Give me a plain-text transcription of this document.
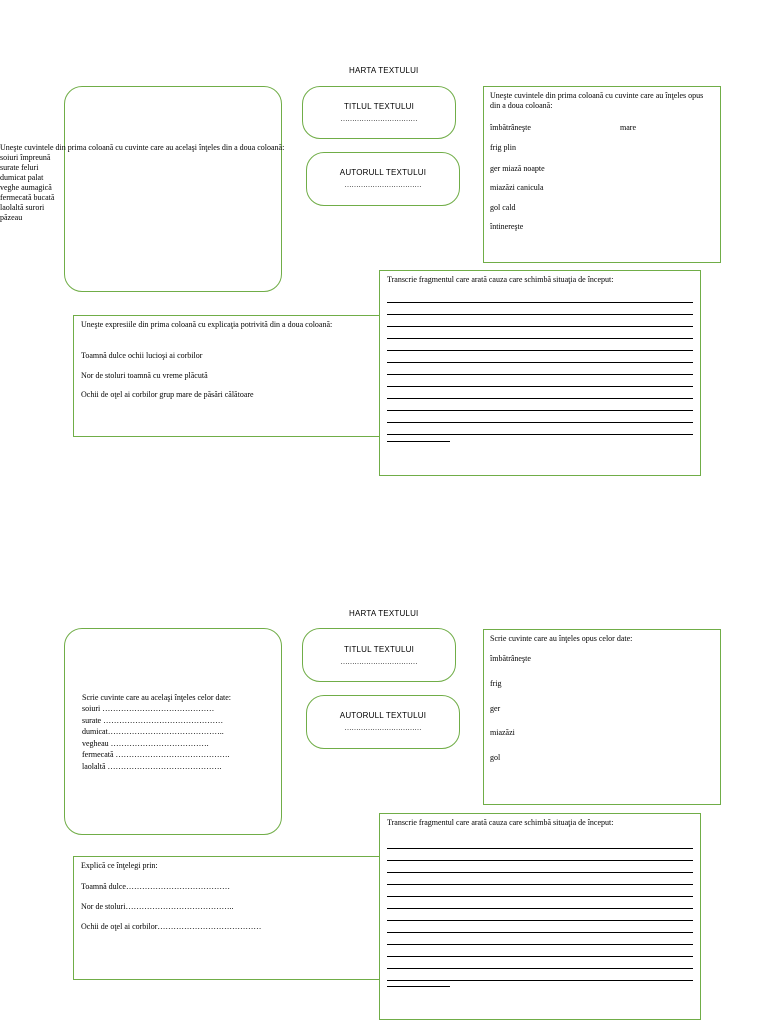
HARTA TEXTULUI
TITLUL TEXTULUI
……………………………
AUTORULL TEXTULUI
……………………………
Uneşte cuvintele din prima coloană cu cuvinte care au acelaşi înţeles din a doua coloană:
soiuri împreună
surate feluri
dumicat palat
veghe aumagică
fermecată bucată
laolaltă surori
păzeau
Uneşte cuvintele din prima coloană cu cuvinte care au înţeles opus din a doua coloană:
îmbătrâneşte	mare
frig plin
ger miază noapte
miazăzi canicula
gol cald
întinereşte
Uneşte expresiile din prima coloană cu explicaţia potrivită din a doua coloană:
Toamnă dulce ochii lucioşi ai corbilor
Nor de stoluri toamnă cu vreme plăcută
Ochii de oţel ai corbilor grup mare de păsări călătoare
Transcrie fragmentul care arată cauza care schimbă situaţia de început:
HARTA TEXTULUI
Scrie cuvinte care au acelaşi înţeles celor date:
soiuri ……………………………………
surate ………………………………………
dumicat……………………………………..
vegheau ……………………………….
fermecată …………………………………….
laolaltă …………………………………….
TITLUL TEXTULUI
……………………………
AUTORULL TEXTULUI
……………………………
Scrie cuvinte care au înţeles opus celor date:
îmbătrâneşte
frig
ger
miazăzi
gol
Explică ce înţelegi prin:
Toamnă dulce…………………………………
Nor de stoluri…………………………………..
Ochii de oţel ai corbilor…………………………………
Transcrie fragmentul care arată cauza care schimbă situaţia de început:
